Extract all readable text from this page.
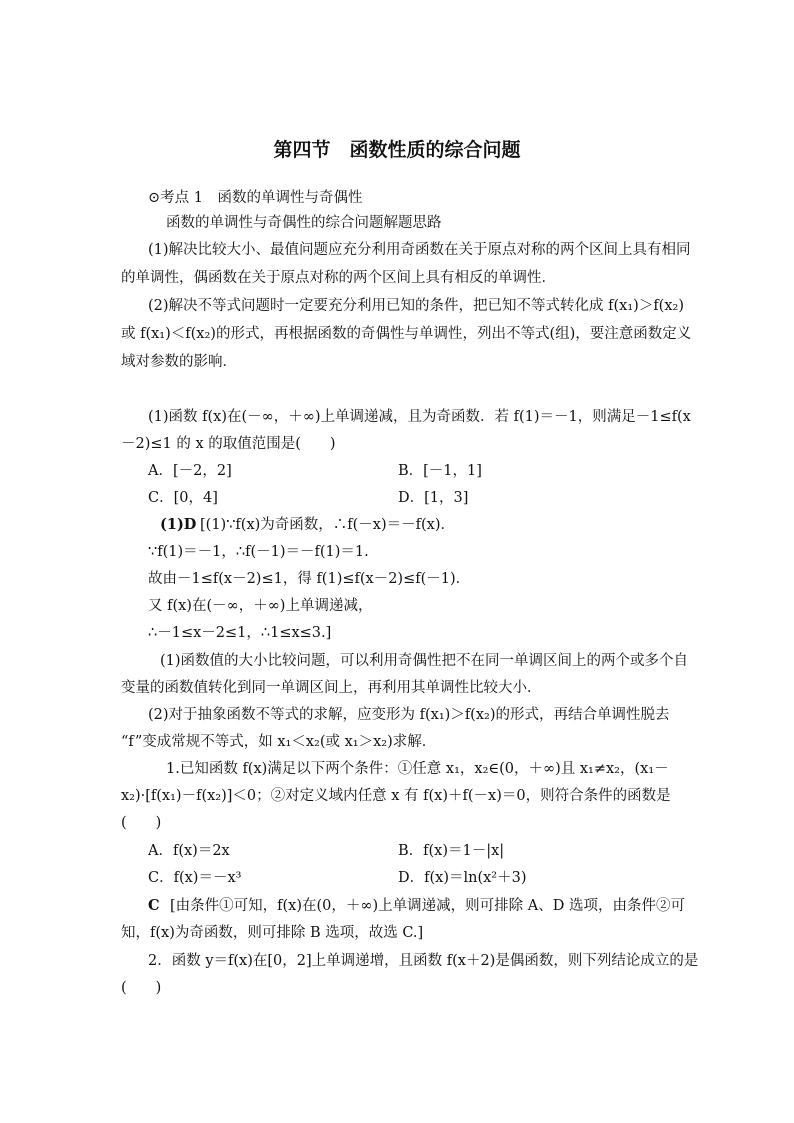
第四节　函数性质的综合问题
⊙考点 1　函数的单调性与奇偶性
函数的单调性与奇偶性的综合问题解题思路
(1)解决比较大小、最值问题应充分利用奇函数在关于原点对称的两个区间上具有相同
的单调性，偶函数在关于原点对称的两个区间上具有相反的单调性．
(2)解决不等式问题时一定要充分利用已知的条件，把已知不等式转化成 f(x₁)＞f(x₂)
或 f(x₁)＜f(x₂)的形式，再根据函数的奇偶性与单调性，列出不等式(组)，要注意函数定义
域对参数的影响．
(1)函数 f(x)在(－∞，＋∞)上单调递减，且为奇函数．若 f(1)＝－1，则满足－1≤f(x
－2)≤1 的 x 的取值范围是(　　)
A．[－2，2]	B．[－1，1]
C．[0，4]	D．[1，3]
(1)D [(1)∵f(x)为奇函数，∴f(－x)＝－f(x)．
∵f(1)＝－1，∴f(－1)＝－f(1)＝1.
故由－1≤f(x－2)≤1，得 f(1)≤f(x－2)≤f(－1)．
又 f(x)在(－∞，＋∞)上单调递减，
∴－1≤x－2≤1，∴1≤x≤3.]
(1)函数值的大小比较问题，可以利用奇偶性把不在同一单调区间上的两个或多个自
变量的函数值转化到同一单调区间上，再利用其单调性比较大小．
(2)对于抽象函数不等式的求解，应变形为 f(x₁)＞f(x₂)的形式，再结合单调性脱去
“f”变成常规不等式，如 x₁＜x₂(或 x₁＞x₂)求解．
1.已知函数 f(x)满足以下两个条件：①任意 x₁，x₂∈(0，＋∞)且 x₁≠x₂，(x₁－
x₂)·[f(x₁)－f(x₂)]＜0；②对定义域内任意 x 有 f(x)＋f(－x)＝0，则符合条件的函数是
(　　)
A．f(x)＝2x	B．f(x)＝1－|x|
C．f(x)＝－x³	D．f(x)＝ln(x²＋3)
C [由条件①可知，f(x)在(0，＋∞)上单调递减，则可排除 A、D 选项，由条件②可
知，f(x)为奇函数，则可排除 B 选项，故选 C.]
2．函数 y＝f(x)在[0，2]上单调递增，且函数 f(x＋2)是偶函数，则下列结论成立的是
(　　)
